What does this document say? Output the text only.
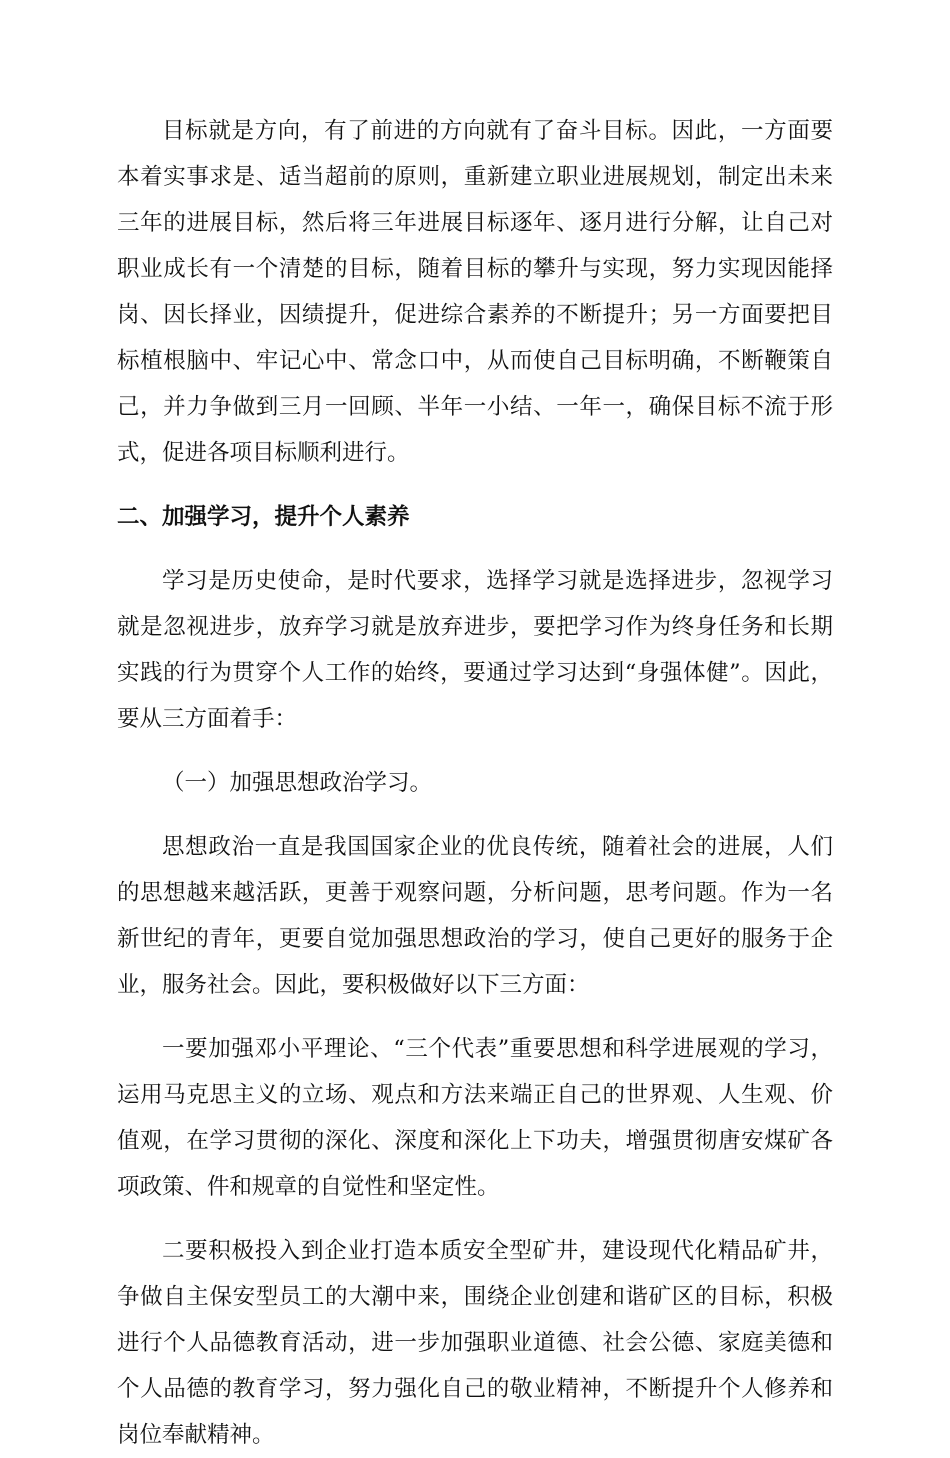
目标就是方向，有了前进的方向就有了奋斗目标。因此，一方面要本着实事求是、适当超前的原则，重新建立职业进展规划，制定出未来三年的进展目标，然后将三年进展目标逐年、逐月进行分解，让自己对职业成长有一个清楚的目标，随着目标的攀升与实现，努力实现因能择岗、因长择业，因绩提升，促进综合素养的不断提升；另一方面要把目标植根脑中、牢记心中、常念口中，从而使自己目标明确，不断鞭策自己，并力争做到三月一回顾、半年一小结、一年一，确保目标不流于形式，促进各项目标顺利进行。

二、加强学习，提升个人素养

学习是历史使命，是时代要求，选择学习就是选择进步，忽视学习就是忽视进步，放弃学习就是放弃进步，要把学习作为终身任务和长期实践的行为贯穿个人工作的始终，要通过学习达到“身强体健”。因此，要从三方面着手：

（一）加强思想政治学习。

思想政治一直是我国国家企业的优良传统，随着社会的进展，人们的思想越来越活跃，更善于观察问题，分析问题，思考问题。作为一名新世纪的青年，更要自觉加强思想政治的学习，使自己更好的服务于企业，服务社会。因此，要积极做好以下三方面：

一要加强邓小平理论、“三个代表”重要思想和科学进展观的学习，运用马克思主义的立场、观点和方法来端正自己的世界观、人生观、价值观，在学习贯彻的深化、深度和深化上下功夫，增强贯彻唐安煤矿各项政策、件和规章的自觉性和坚定性。

二要积极投入到企业打造本质安全型矿井，建设现代化精品矿井，争做自主保安型员工的大潮中来，围绕企业创建和谐矿区的目标，积极进行个人品德教育活动，进一步加强职业道德、社会公德、家庭美德和个人品德的教育学习，努力强化自己的敬业精神，不断提升个人修养和岗位奉献精神。
